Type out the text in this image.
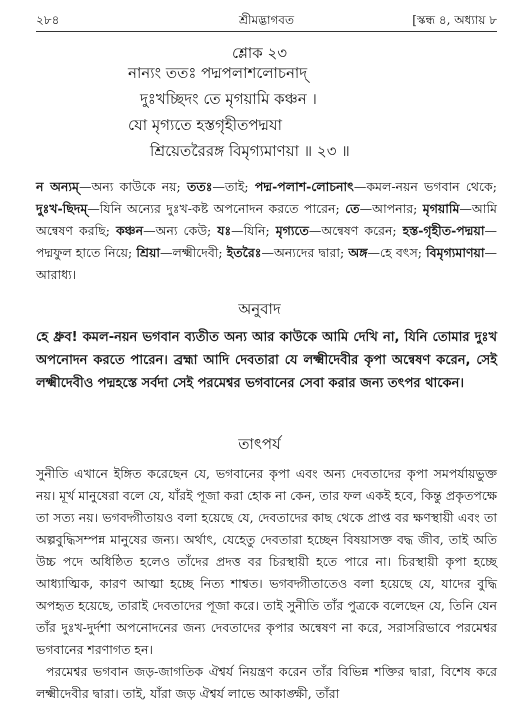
২৮৪	শ্রীমদ্ভাগবত	[স্কন্ধ ৪, অধ্যায় ৮
শ্লোক ২৩
নান্যং ততঃ পদ্মপলাশলোচনাদ্
দুঃখচ্ছিদং তে মৃগয়ামি কঞ্চন ।
যো মৃগ্যতে হস্তগৃহীতপদ্মযা
শ্রিয়েতরৈরঙ্গ বিমৃগ্যমাণয়া ॥ ২৩ ॥
ন অন্যম্—অন্য কাউকে নয়; ততঃ—তাই; পদ্ম-পলাশ-লোচনাৎ—কমল-নয়ন ভগবান থেকে; দুঃখ-ছিদম্—যিনি অন্যের দুঃখ-কষ্ট অপনোদন করতে পারেন; তে—আপনার; মৃগয়ামি—আমি অন্বেষণ করছি; কঞ্চন—অন্য কেউ; যঃ—যিনি; মৃগ্যতে—অন্বেষণ করেন; হস্ত-গৃহীত-পদ্ময়া—পদ্মফুল হাতে নিয়ে; শ্রিয়া—লক্ষ্মীদেবী; ইতরৈঃ—অন্যদের দ্বারা; অঙ্গ—হে বৎস; বিমৃগ্যমাণয়া—আরাধ্য।
অনুবাদ
হে ধ্রুব! কমল-নয়ন ভগবান ব্যতীত অন্য আর কাউকে আমি দেখি না, যিনি তোমার দুঃখ অপনোদন করতে পারেন। ব্রহ্মা আদি দেবতারা যে লক্ষ্মীদেবীর কৃপা অন্বেষণ করেন, সেই লক্ষ্মীদেবীও পদ্মহস্তে সর্বদা সেই পরমেশ্বর ভগবানের সেবা করার জন্য তৎপর থাকেন।
তাৎপর্য

সুনীতি এখানে ইঙ্গিত করেছেন যে, ভগবানের কৃপা এবং অন্য দেবতাদের কৃপা সমপর্যায়ভুক্ত নয়। মূর্খ মানুষেরা বলে যে, যাঁরই পূজা করা হোক না কেন, তার ফল একই হবে, কিন্তু প্রকৃতপক্ষে তা সত্য নয়। ভগবদ্গীতায়ও বলা হয়েছে যে, দেবতাদের কাছ থেকে প্রাপ্ত বর ক্ষণস্থায়ী এবং তা অল্পবুদ্ধিসম্পন্ন মানুষের জন্য। অর্থাৎ, যেহেতু দেবতারা হচ্ছেন বিষয়াসক্ত বদ্ধ জীব, তাই অতি উচ্চ পদে অধিষ্ঠিত হলেও তাঁদের প্রদত্ত বর চিরস্থায়ী হতে পারে না। চিরস্থায়ী কৃপা হচ্ছে আধ্যাত্মিক, কারণ আত্মা হচ্ছে নিত্য শাশ্বত। ভগবদ্গীতাতেও বলা হয়েছে যে, যাদের বুদ্ধি অপহৃত হয়েছে, তারাই দেবতাদের পূজা করে। তাই সুনীতি তাঁর পুত্রকে বলেছেন যে, তিনি যেন তাঁর দুঃখ-দুর্দশা অপনোদনের জন্য দেবতাদের কৃপার অন্বেষণ না করে, সরাসরিভাবে পরমেশ্বর ভগবানের শরণাগত হন।

পরমেশ্বর ভগবান জড়-জাগতিক ঐশ্বর্য নিয়ন্ত্রণ করেন তাঁর বিভিন্ন শক্তির দ্বারা, বিশেষ করে লক্ষ্মীদেবীর দ্বারা। তাই, যাঁরা জড় ঐশ্বর্য লাভে আকাঙ্ক্ষী, তাঁরা
